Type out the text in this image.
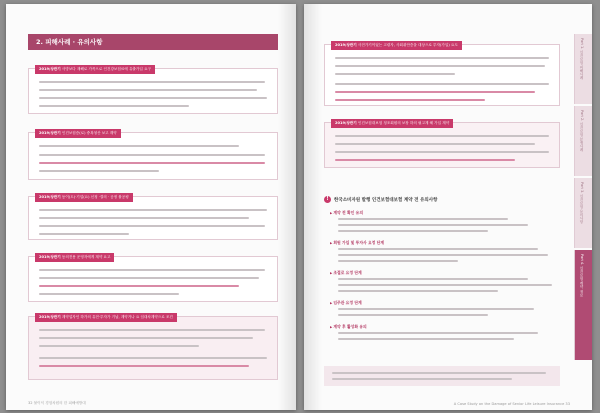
2. 피해사례 · 유의사항
2019/상반기 사망보다 재해로 가족으로 인건강보험료에 유출가입 요구
2019/상반기 인건보험증(로) 중복청산 보고 계약
2019/상반기 동이(도)·기업(요) 신청 ·결의 · 공정 불공평
2019/상반기 동의전용 운영자에게 계약 요고
2019/상반기 계약업자인 하가의 유전·투자가 기납, 계약거나 요 임대차계약으로 조건
32 불이익 경험차원의 한 피해예방대
2019/상반기 사전가기이었는 고령자, 사회취안층을 대상으로 투자(가입) 요도
2019/상반기 인건보험대보험 청조회원의 보장 하의 필고계 혜 가입 계약
! 한국소비자원 발행 인건보험대보험 계약 전 유의사항
▶ 계약 전 확인 유의
▶ 회원 가입 및 투자사 요정 단계
▶ 조절로 요정 단계
▶ 임주관 요정 단계
▶ 계약 후 활성화 유의
Part 1. 인건보험 피해사례
Part 2. 인건보험 분쟁사례
Part 3. 인건보험 유의사항
Part 4. 인건보험 계약 정보
A Case Study on the Damage of Senior Life Leisure Insurance 33
